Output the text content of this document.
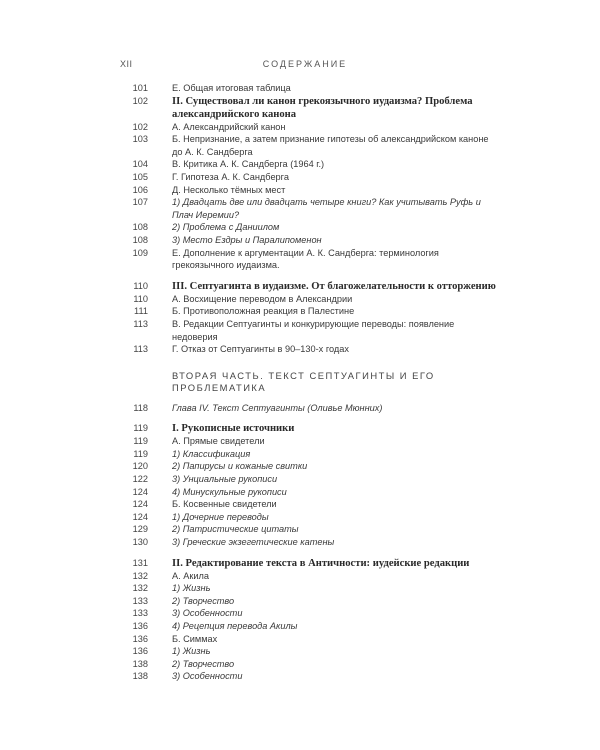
XII	СОДЕРЖАНИЕ
101	Е. Общая итоговая таблица
102 II. Существовал ли канон грекоязычного иудаизма? Проблема александрийского канона
102	А. Александрийский канон
103	Б. Непризнание, а затем признание гипотезы об александрийском каноне до А. К. Сандберга
104	В. Критика А. К. Сандберга (1964 г.)
105	Г. Гипотеза А. К. Сандберга
106	Д. Несколько тёмных мест
107	1) Двадцать две или двадцать четыре книги? Как учитывать Руфь и Плач Иеремии?
108	2) Проблема с Даниилом
108	3) Место Ездры и Паралипоменон
109	Е. Дополнение к аргументации А. К. Сандберга: терминология грекоязычного иудаизма.
110 III. Септуагинта в иудаизме. От благожелательности к отторжению
110	А. Восхищение переводом в Александрии
111	Б. Противоположная реакция в Палестине
113	В. Редакции Септуагинты и конкурирующие переводы: появление недоверия
113	Г. Отказ от Септуагинты в 90–130-х годах
ВТОРАЯ ЧАСТЬ. ТЕКСТ СЕПТУАГИНТЫ И ЕГО ПРОБЛЕМАТИКА
118	Глава IV. Текст Септуагинты (Оливье Мюнних)
119 I. Рукописные источники
119	А. Прямые свидетели
119	1) Классификация
120	2) Папирусы и кожаные свитки
122	3) Унциальные рукописи
124	4) Минускульные рукописи
124	Б. Косвенные свидетели
124	1) Дочерние переводы
129	2) Патристические цитаты
130	3) Греческие экзегетические катены
131 II. Редактирование текста в Античности: иудейские редакции
132	А. Акила
132	1) Жизнь
133	2) Творчество
133	3) Особенности
136	4) Рецепция перевода Акилы
136	Б. Симмах
136	1) Жизнь
138	2) Творчество
138	3) Особенности
